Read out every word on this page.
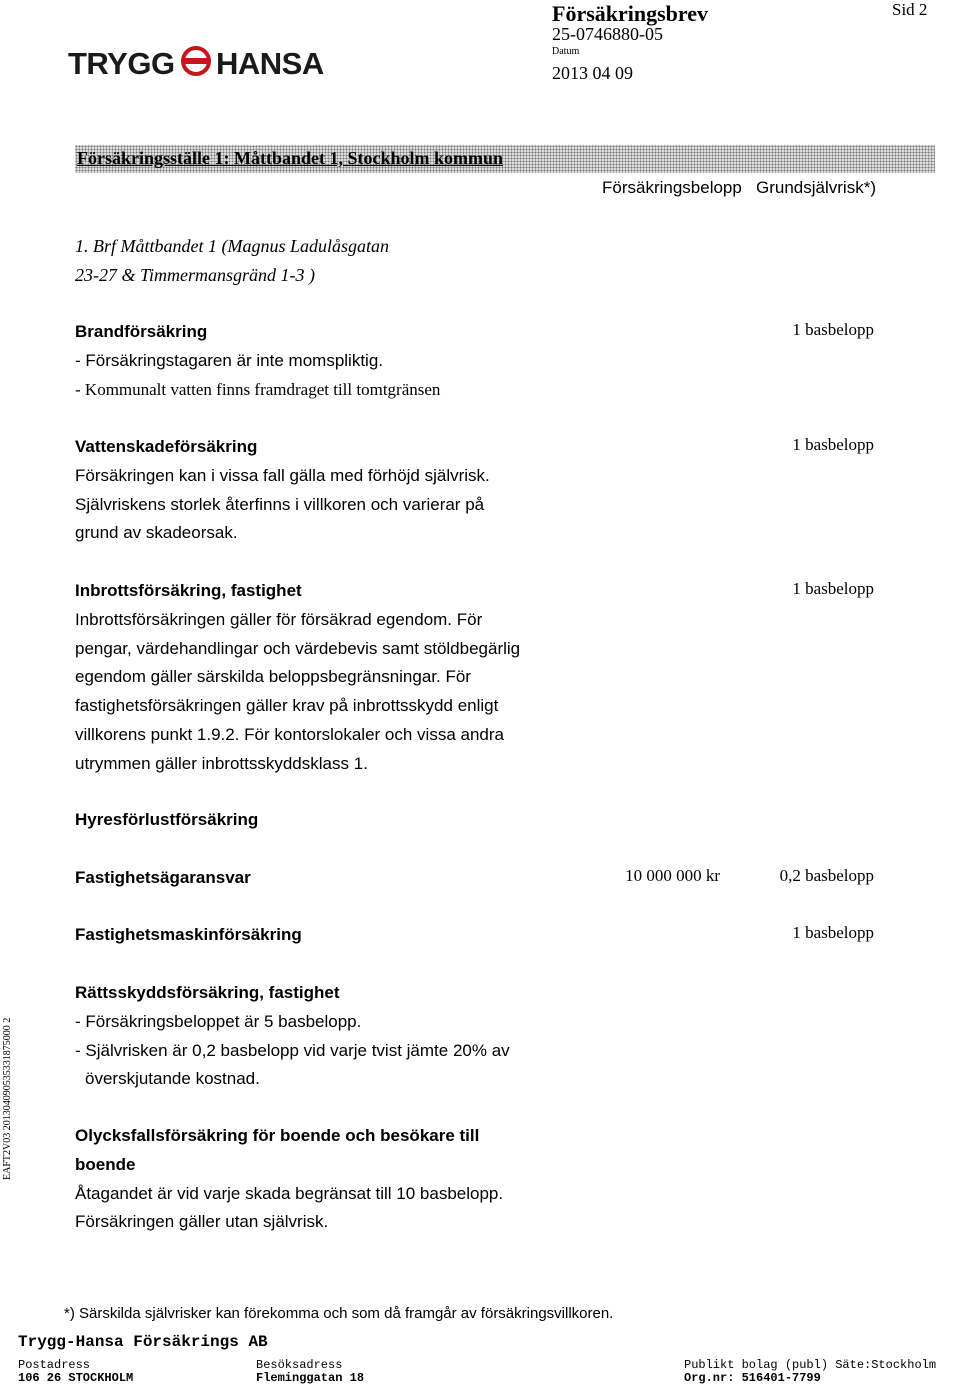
TRYGG HANSA
Försäkringsbrev
25-0746880-05
Datum
2013 04 09
Sid 2
Försäkringsställe 1: Måttbandet 1, Stockholm kommun
Försäkringsbelopp Grundsjälvrisk*)
1. Brf Måttbandet 1 (Magnus Ladulåsgatan
23-27 & Timmermansgränd 1-3 )
Brandförsäkring
- Försäkringstagaren är inte momspliktig.
- Kommunalt vatten finns framdraget till tomtgränsen
1 basbelopp
Vattenskadeförsäkring
Försäkringen kan i vissa fall gälla med förhöjd självrisk.
Självriskens storlek återfinns i villkoren och varierar på
grund av skadeorsak.
1 basbelopp
Inbrottsförsäkring, fastighet
Inbrottsförsäkringen gäller för försäkrad egendom. För
pengar, värdehandlingar och värdebevis samt stöldbegärlig
egendom gäller särskilda beloppsbegränsningar. För
fastighetsförsäkringen gäller krav på inbrottsskydd enligt
villkorens punkt 1.9.2. För kontorslokaler och vissa andra
utrymmen gäller inbrottsskyddsklass 1.
1 basbelopp
Hyresförlustförsäkring
Fastighetsägaransvar	10 000 000 kr	0,2 basbelopp
Fastighetsmaskinförsäkring	1 basbelopp
Rättsskyddsförsäkring, fastighet
- Försäkringsbeloppet är 5 basbelopp.
- Självrisken är 0,2 basbelopp vid varje tvist jämte 20% av
överskjutande kostnad.
Olycksfallsförsäkring för boende och besökare till
boende
Åtagandet är vid varje skada begränsat till 10 basbelopp.
Försäkringen gäller utan självrisk.
EAFT2V03 201304090535331875000 2
*) Särskilda självrisker kan förekomma och som då framgår av försäkringsvillkoren.
Trygg-Hansa Försäkrings AB
Postadress
106 26 STOCKHOLM
Besöksadress
Fleminggatan 18
Publikt bolag (publ) Säte:Stockholm
Org.nr: 516401-7799
